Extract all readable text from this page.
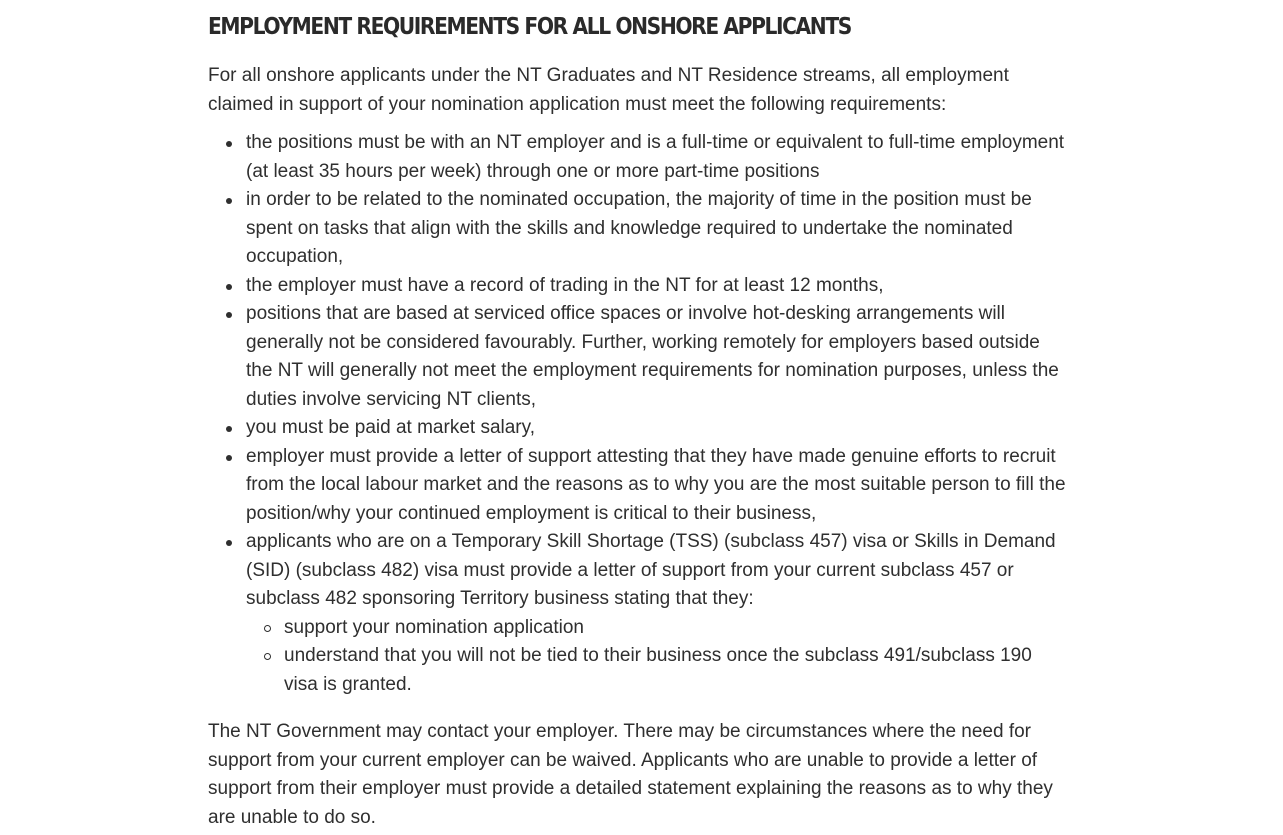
EMPLOYMENT REQUIREMENTS FOR ALL ONSHORE APPLICANTS

For all onshore applicants under the NT Graduates and NT Residence streams, all employment claimed in support of your nomination application must meet the following requirements:

the positions must be with an NT employer and is a full-time or equivalent to full-time employment (at least 35 hours per week) through one or more part-time positions
in order to be related to the nominated occupation, the majority of time in the position must be spent on tasks that align with the skills and knowledge required to undertake the nominated occupation,
the employer must have a record of trading in the NT for at least 12 months,
positions that are based at serviced office spaces or involve hot-desking arrangements will generally not be considered favourably. Further, working remotely for employers based outside the NT will generally not meet the employment requirements for nomination purposes, unless the duties involve servicing NT clients,
you must be paid at market salary,
employer must provide a letter of support attesting that they have made genuine efforts to recruit from the local labour market and the reasons as to why you are the most suitable person to fill the position/why your continued employment is critical to their business,
applicants who are on a Temporary Skill Shortage (TSS) (subclass 457) visa or Skills in Demand (SID) (subclass 482) visa must provide a letter of support from your current subclass 457 or subclass 482 sponsoring Territory business stating that they:
support your nomination application
understand that you will not be tied to their business once the subclass 491/subclass 190 visa is granted.

The NT Government may contact your employer. There may be circumstances where the need for support from your current employer can be waived. Applicants who are unable to provide a letter of support from their employer must provide a detailed statement explaining the reasons as to why they are unable to do so.
